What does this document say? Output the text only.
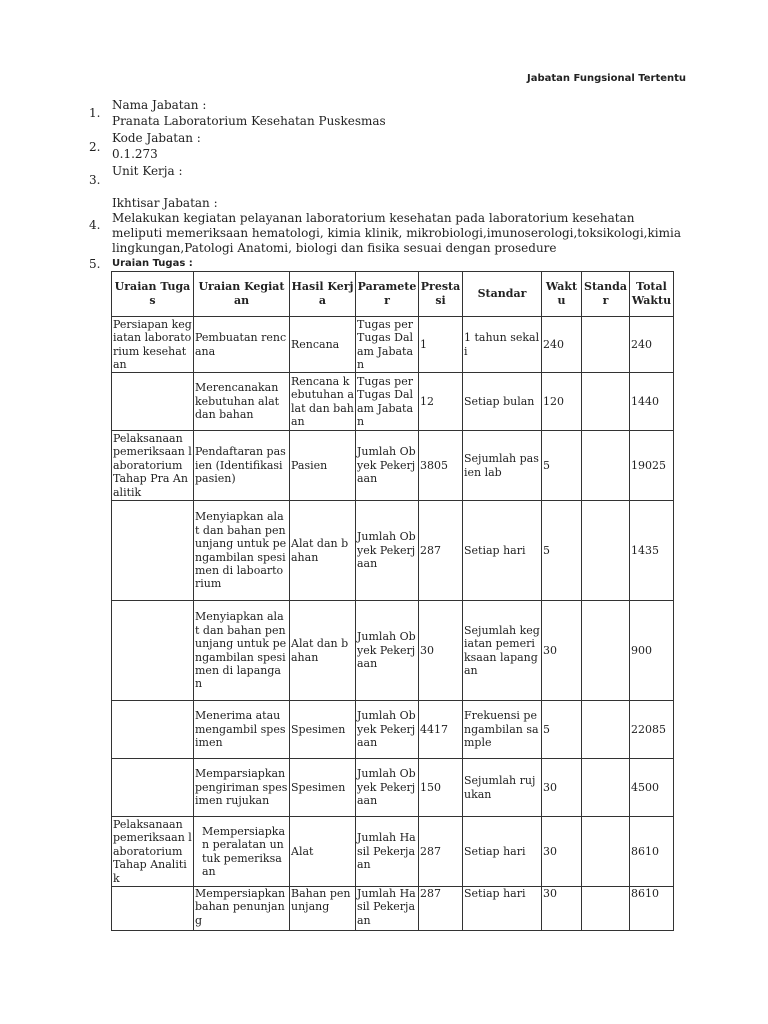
Jabatan Fungsional Tertentu
1.
Nama Jabatan :
Pranata Laboratorium Kesehatan Puskesmas
2.
Kode Jabatan :
0.1.273
3.
Unit Kerja :
4.
Ikhtisar Jabatan :
Melakukan kegiatan pelayanan laboratorium kesehatan pada laboratorium kesehatan meliputi memeriksaan hematologi, kimia klinik, mikrobiologi,imunoserologi,toksikologi,kimia lingkungan,Patologi Anatomi, biologi dan fisika sesuai dengan prosedure
5. Uraian Tugas :
Uraian Tugas	Uraian Kegiatan	Hasil Kerja	Parameter	Prestasi	Standar	Waktu	Standar	Total Waktu
Persiapan kegiatan laboratorium kesehatan	Pembuatan rencana	Rencana	Tugas per Tugas Dalam Jabatan	1	1 tahun sekali	240		240
	Merencanakan kebutuhan alat dan bahan	Rencana kebutuhan alat dan bahan	Tugas per Tugas Dalam Jabatan	12	Setiap bulan	120		1440
Pelaksanaan pemeriksaan laboratorium Tahap Pra Analitik	Pendaftaran pasien (Identifikasi pasien)	Pasien	Jumlah Obyek Pekerjaan	3805	Sejumlah pasien lab	5		19025
	Menyiapkan alat dan bahan penunjang untuk pengambilan spesimen di laboartorium	Alat dan bahan	Jumlah Obyek Pekerjaan	287	Setiap hari	5		1435
	Menyiapkan alat dan bahan penunjang untuk pengambilan spesimen di lapangan	Alat dan bahan	Jumlah Obyek Pekerjaan	30	Sejumlah kegiatan pemeriksaan lapangan	30		900
	Menerima atau mengambil spesimen	Spesimen	Jumlah Obyek Pekerjaan	4417	Frekuensi pengambilan sample	5		22085
	Memparsiapkan pengiriman spesimen rujukan	Spesimen	Jumlah Obyek Pekerjaan	150	Sejumlah rujukan	30		4500
Pelaksanaan pemeriksaan laboratorium Tahap Analitik	Mempersiapkan peralatan untuk pemeriksaan	Alat	Jumlah Hasil Pekerjaan	287	Setiap hari	30		8610
	Mempersiapkan bahan penunjang	Bahan penunjang	Jumlah Hasil Pekerjaan	287	Setiap hari	30		8610
